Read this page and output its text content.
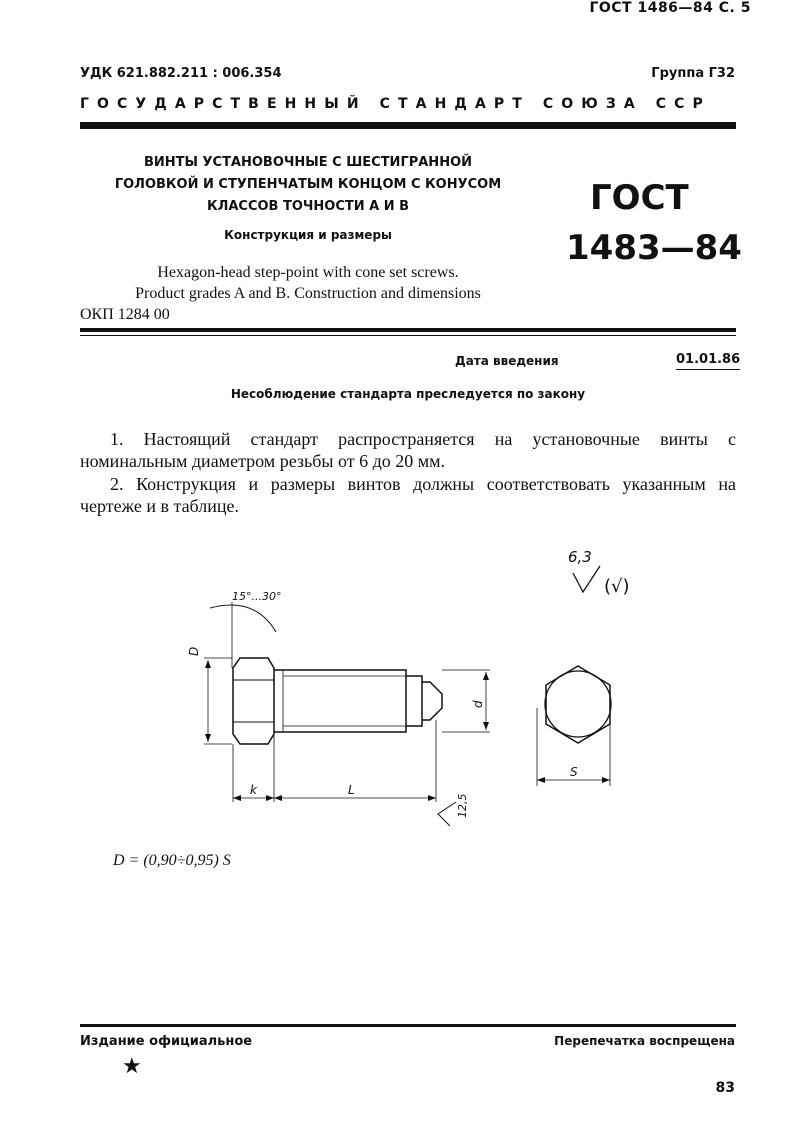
ГОСТ 1486—84 С. 5
УДК 621.882.211 : 006.354	Группа Г32
ГОСУДАРСТВЕННЫЙ СТАНДАРТ СОЮЗА ССР
ВИНТЫ УСТАНОВОЧНЫЕ С ШЕСТИГРАННОЙ
ГОЛОВКОЙ И СТУПЕНЧАТЫМ КОНЦОМ С КОНУСОМ
КЛАССОВ ТОЧНОСТИ А И В
Конструкция и размеры
Hexagon-head step-point with cone set screws.
Product grades A and B. Construction and dimensions
ОКП 1284 00
ГОСТ
1483—84
Дата введения	01.01.86
Несоблюдение стандарта преследуется по закону
1. Настоящий стандарт распространяется на установочные винты с номинальным диаметром резьбы от 6 до 20 мм.
2. Конструкция и размеры винтов должны соответствовать указанным на чертеже и в таблице.
6,3
(√)
15°...30°
D
d
k	L
S
12,5
D = (0,90÷0,95) S
Издание официальное	Перепечатка воспрещена
★
83
